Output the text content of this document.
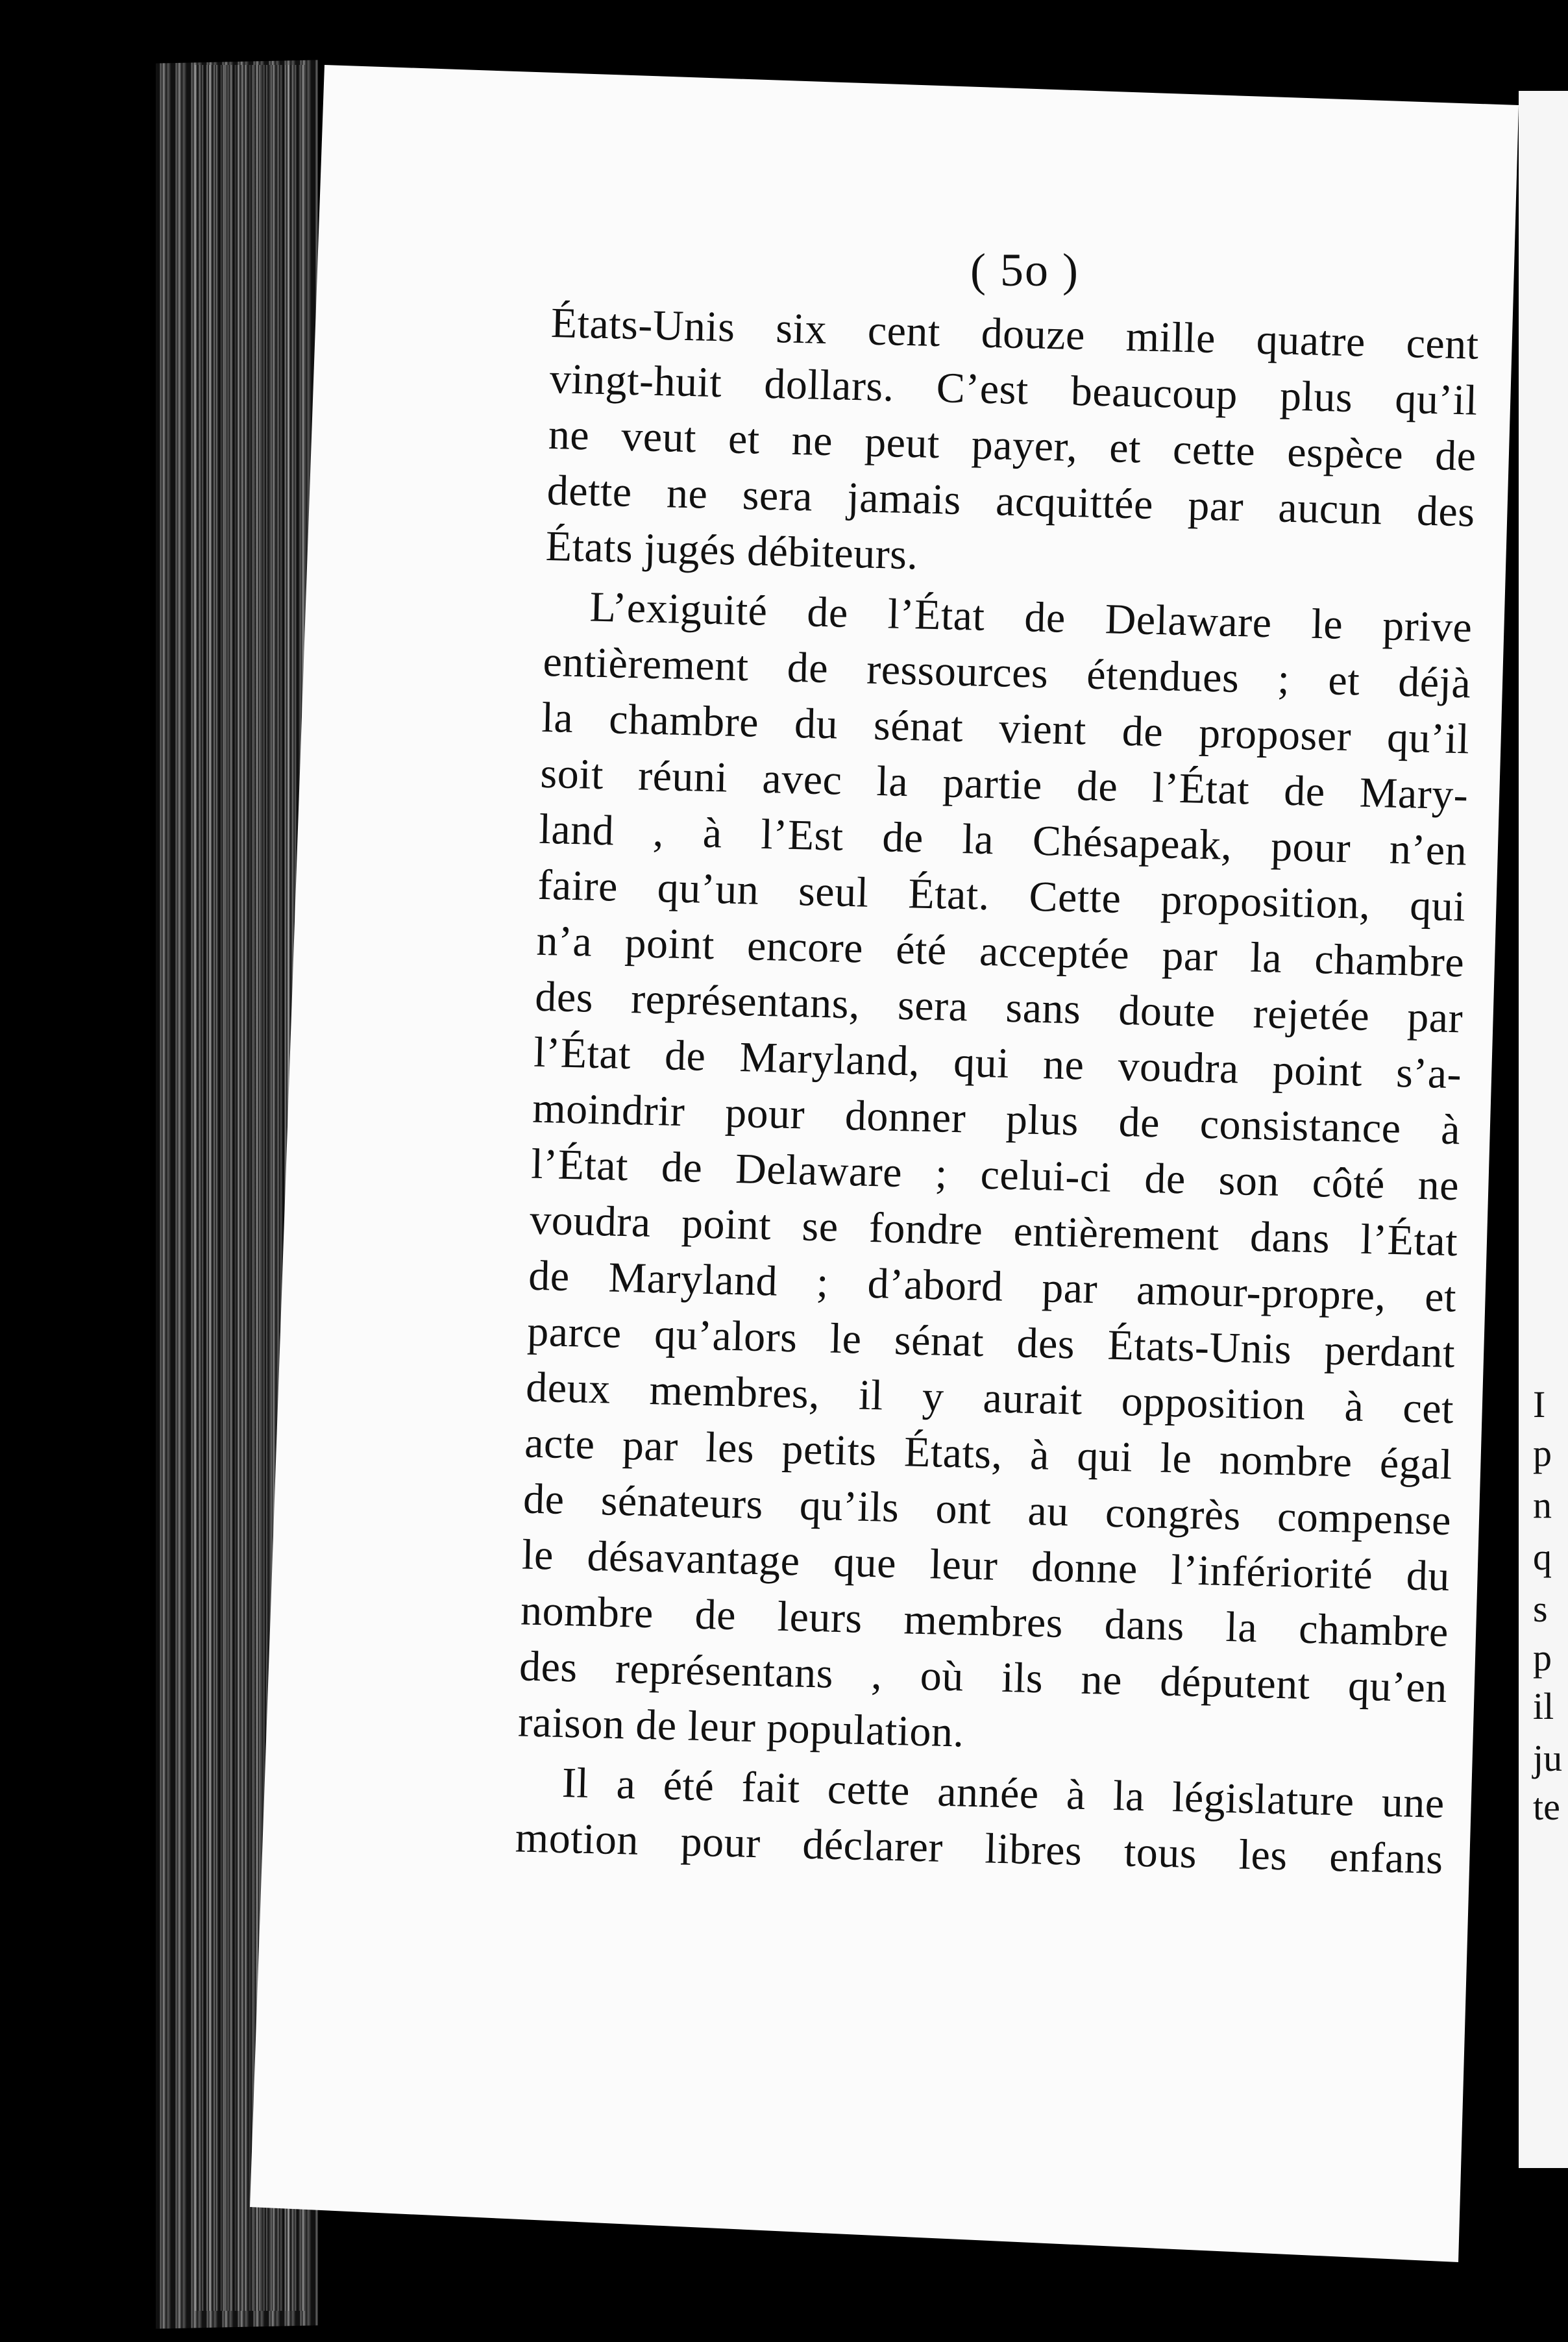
I
p
n
q
s
p
il
ju
te
( 5o )

États-Unis six cent douze mille quatre cent

vingt-huit dollars. C’est beaucoup plus qu’il

ne veut et ne peut payer, et cette espèce de

dette ne sera jamais acquittée par aucun des

États jugés débiteurs.

L’exiguité de l’État de Delaware le prive

entièrement de ressources étendues ; et déjà

la chambre du sénat vient de proposer qu’il

soit réuni avec la partie de l’État de Mary-

land , à l’Est de la Chésapeak, pour n’en

faire qu’un seul État. Cette proposition, qui

n’a point encore été acceptée par la chambre

des représentans, sera sans doute rejetée par

l’État de Maryland, qui ne voudra point s’a-

moindrir pour donner plus de consistance à

l’État de Delaware ; celui-ci de son côté ne

voudra point se fondre entièrement dans l’État

de Maryland ; d’abord par amour-propre, et

parce qu’alors le sénat des États-Unis perdant

deux membres, il y aurait opposition à cet

acte par les petits États, à qui le nombre égal

de sénateurs qu’ils ont au congrès compense

le désavantage que leur donne l’infériorité du

nombre de leurs membres dans la chambre

des représentans , où ils ne députent qu’en

raison de leur population.

Il a été fait cette année à la législature une

motion pour déclarer libres tous les enfans
